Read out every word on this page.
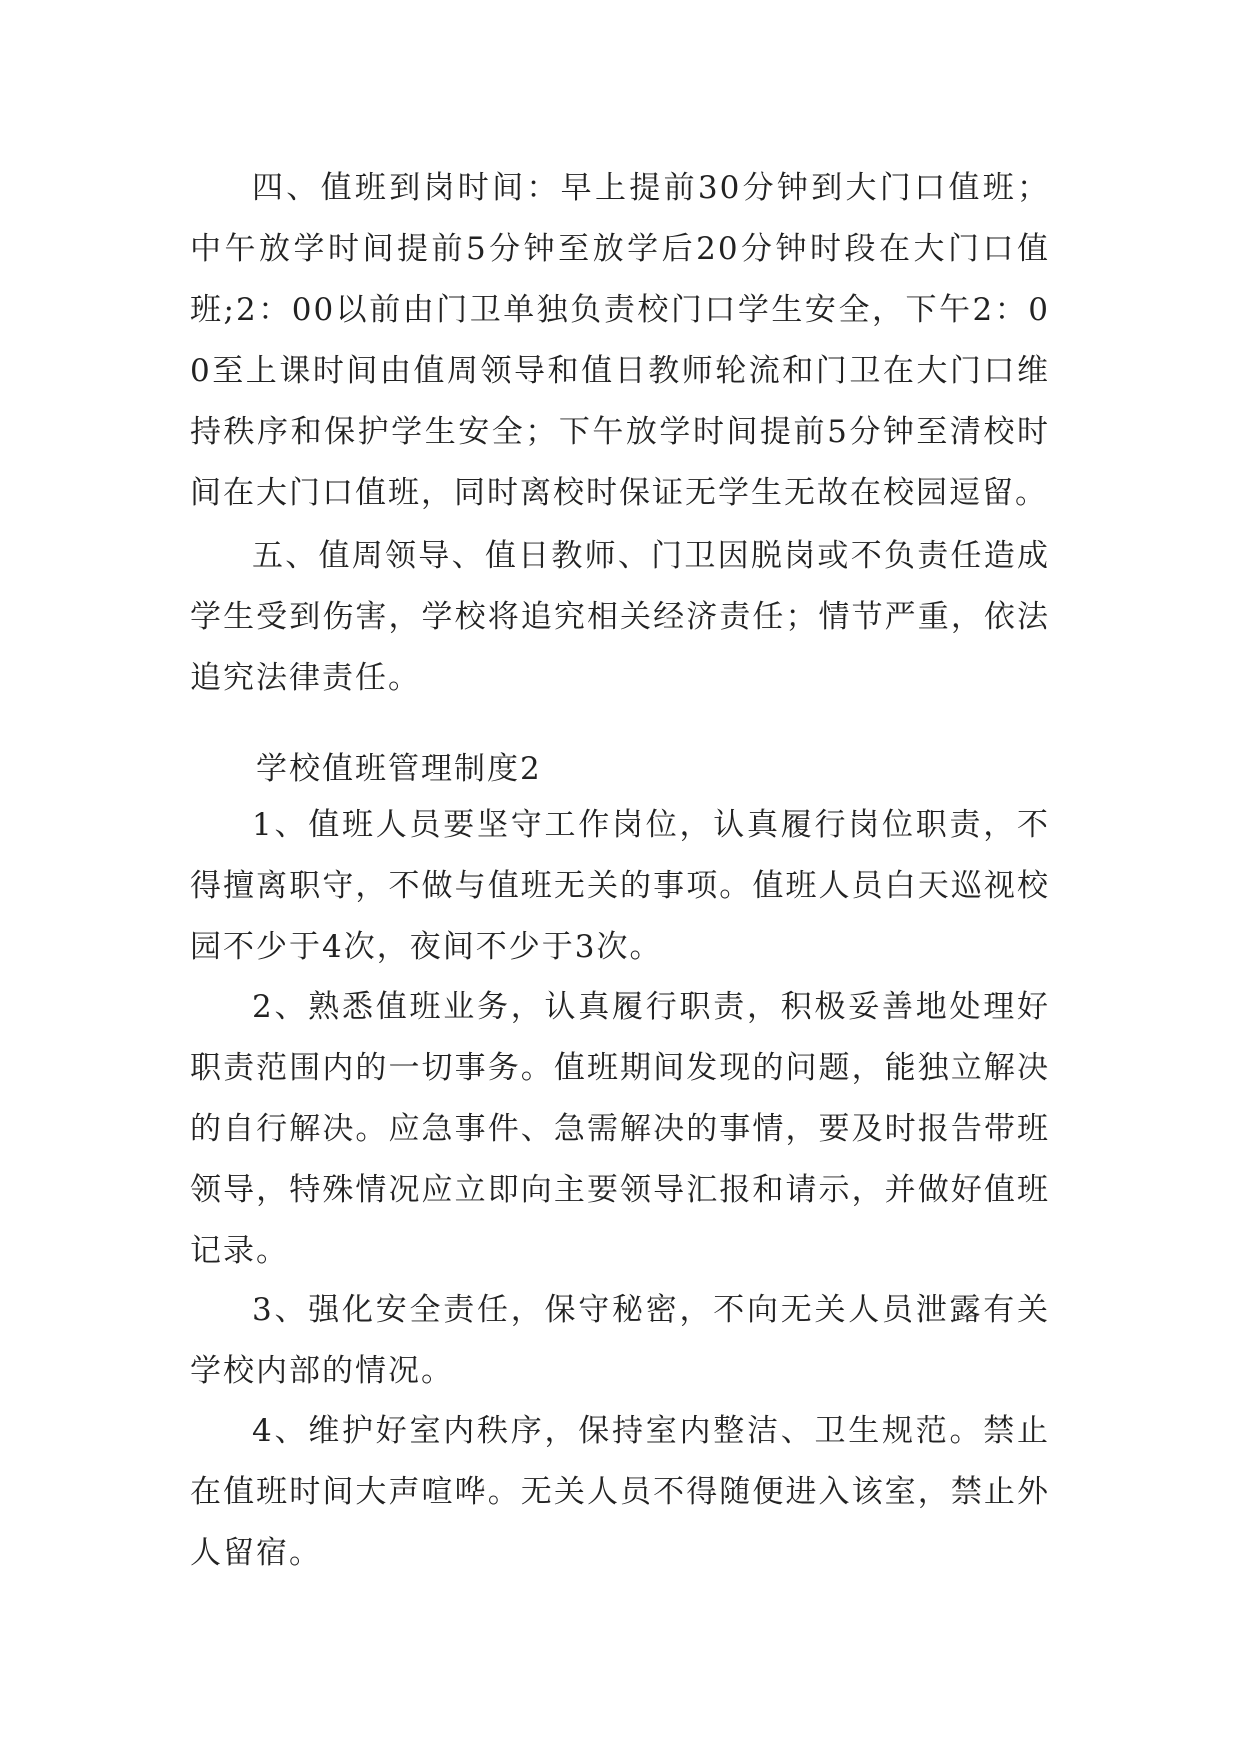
四、值班到岗时间：早上提前30分钟到大门口值班；中午放学时间提前5分钟至放学后20分钟时段在大门口值班;2：00以前由门卫单独负责校门口学生安全，下午2：00至上课时间由值周领导和值日教师轮流和门卫在大门口维持秩序和保护学生安全；下午放学时间提前5分钟至清校时间在大门口值班，同时离校时保证无学生无故在校园逗留。

五、值周领导、值日教师、门卫因脱岗或不负责任造成学生受到伤害，学校将追究相关经济责任；情节严重，依法追究法律责任。

学校值班管理制度2

1、值班人员要坚守工作岗位，认真履行岗位职责，不得擅离职守，不做与值班无关的事项。值班人员白天巡视校园不少于4次，夜间不少于3次。

2、熟悉值班业务，认真履行职责，积极妥善地处理好职责范围内的一切事务。值班期间发现的问题，能独立解决的自行解决。应急事件、急需解决的事情，要及时报告带班领导，特殊情况应立即向主要领导汇报和请示，并做好值班记录。

3、强化安全责任，保守秘密，不向无关人员泄露有关学校内部的情况。

4、维护好室内秩序，保持室内整洁、卫生规范。禁止在值班时间大声喧哗。无关人员不得随便进入该室，禁止外人留宿。
